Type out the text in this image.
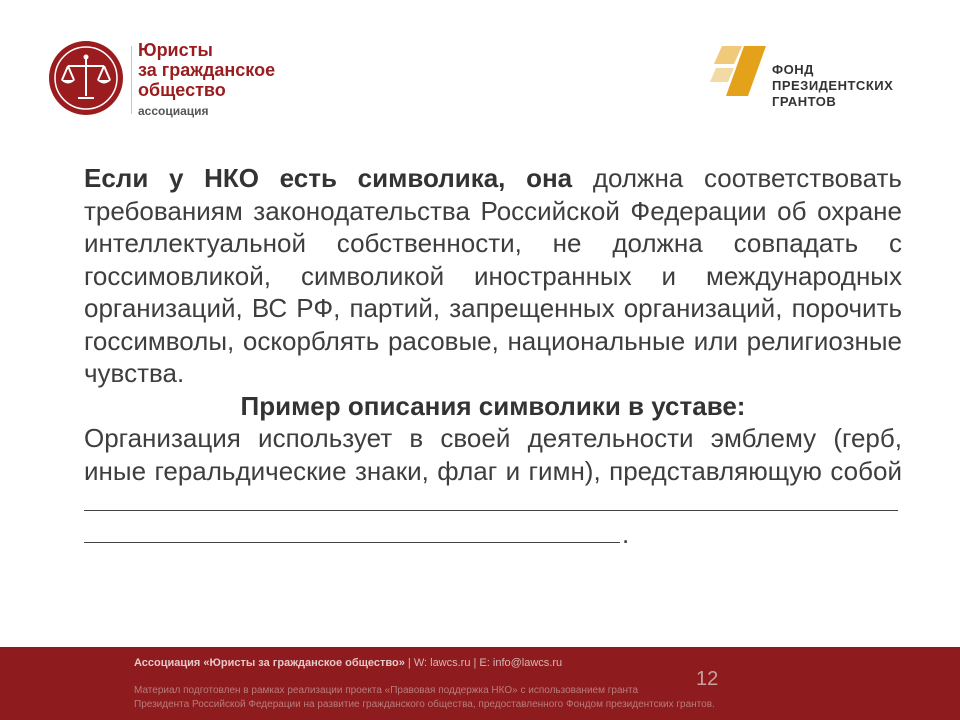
Юристы
за гражданское
общество
ассоциация
ФОНД
ПРЕЗИДЕНТСКИХ
ГРАНТОВ

Если у НКО есть символика, она должна соответствовать требованиям законодательства Российской Федерации об охране интеллектуальной собственности, не должна совпадать с госсимовликой, символикой иностранных и международных организаций, ВС РФ, партий, запрещенных организаций, порочить госсимволы, оскорблять расовые, национальные или религиозные чувства.

Пример описания символики в уставе:

Организация использует в своей деятельности эмблему (герб, иные геральдические знаки, флаг и гимн), представляющую собой

.
Ассоциация «Юристы за гражданское общество» | W: lawcs.ru | E: info@lawcs.ru
Материал подготовлен в рамках реализации проекта «Правовая поддержка НКО» с использованием гранта
Президента Российской Федерации на развитие гражданского общества, предоставленного Фондом президентских грантов.
12
